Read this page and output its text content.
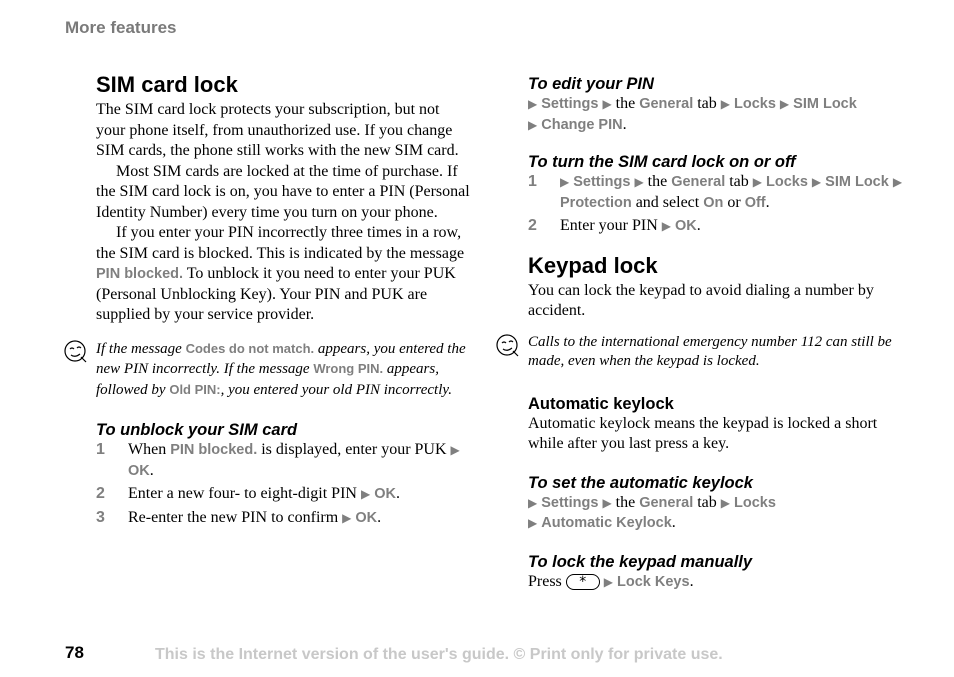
More features
SIM card lock

The SIM card lock protects your subscription, but not your phone itself, from unauthorized use. If you change SIM cards, the phone still works with the new SIM card.

Most SIM cards are locked at the time of purchase. If the SIM card lock is on, you have to enter a PIN (Personal Identity Number) every time you turn on your phone.

If you enter your PIN incorrectly three times in a row, the SIM card is blocked. This is indicated by the message PIN blocked. To unblock it you need to enter your PUK (Personal Unblocking Key). Your PIN and PUK are supplied by your service provider.

If the message Codes do not match. appears, you entered the new PIN incorrectly. If the message Wrong PIN. appears, followed by Old PIN:, you entered your old PIN incorrectly.

To unblock your SIM card
1 When PIN blocked. is displayed, enter your PUK ▶ OK.
2 Enter a new four- to eight-digit PIN ▶ OK.
3 Re-enter the new PIN to confirm ▶ OK.
To edit your PIN

▶ Settings ▶ the General tab ▶ Locks ▶ SIM Lock
▶ Change PIN.

To turn the SIM card lock on or off
1 ▶ Settings ▶ the General tab ▶ Locks ▶ SIM Lock ▶ Protection and select On or Off.
2 Enter your PIN ▶ OK.
Keypad lock

You can lock the keypad to avoid dialing a number by accident.

Calls to the international emergency number 112 can still be made, even when the keypad is locked.

Automatic keylock

Automatic keylock means the keypad is locked a short while after you last press a key.

To set the automatic keylock

▶ Settings ▶ the General tab ▶ Locks
▶ Automatic Keylock.

To lock the keypad manually

Press * ▶ Lock Keys.

78	This is the Internet version of the user's guide. © Print only for private use.
